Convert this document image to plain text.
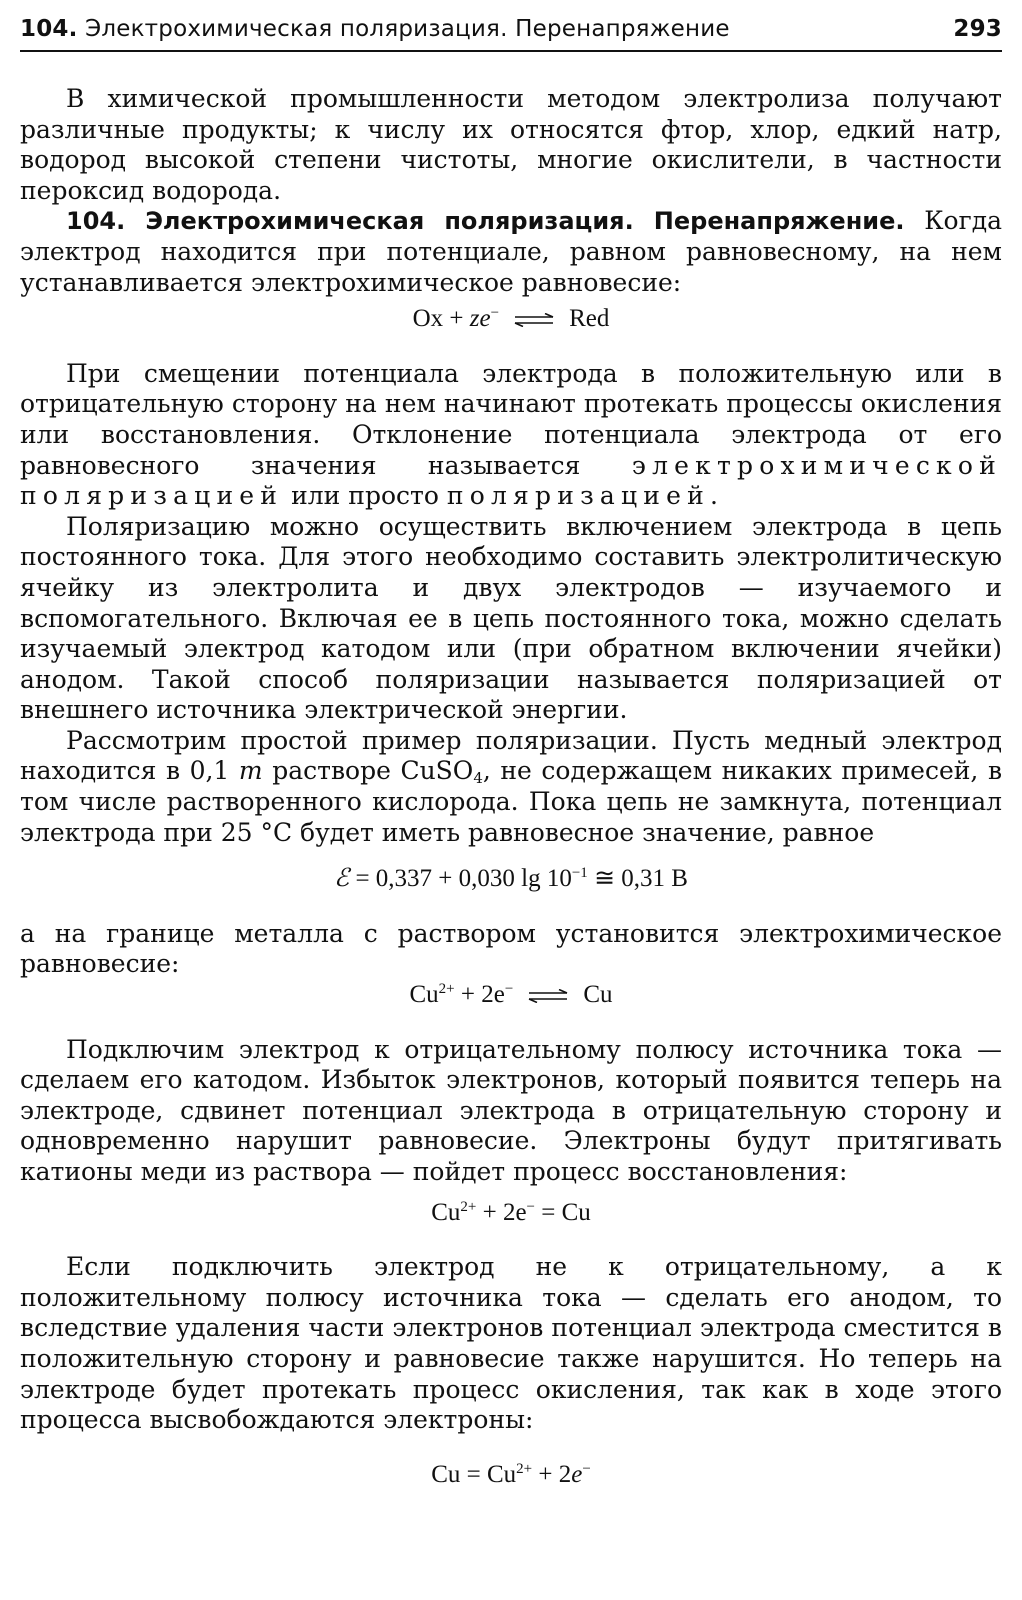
104. Электрохимическая поляризация. Перенапряжение	293

В химической промышленности методом электролиза получают различные продукты; к числу их относятся фтор, хлор, едкий натр, водород высокой степени чистоты, многие окислители, в частности пероксид водорода.

104. Электрохимическая поляризация. Перенапряжение. Когда электрод находится при потенциале, равном равновесному, на нем устанавливается электрохимическое равновесие:

Ox + ze− ⇌ Red

При смещении потенциала электрода в положительную или в отрицательную сторону на нем начинают протекать процессы окисления или восстановления. Отклонение потенциала электрода от его равновесного значения называется электрохимической поляризацией или просто поляризацией.

Поляризацию можно осуществить включением электрода в цепь постоянного тока. Для этого необходимо составить электролитическую ячейку из электролита и двух электродов — изучаемого и вспомогательного. Включая ее в цепь постоянного тока, можно сделать изучаемый электрод катодом или (при обратном включении ячейки) анодом. Такой способ поляризации называется поляризацией от внешнего источника электрической энергии.

Рассмотрим простой пример поляризации. Пусть медный электрод находится в 0,1 m растворе CuSO$_4$, не содержащем никаких примесей, в том числе растворенного кислорода. Пока цепь не замкнута, потенциал электрода при 25 °C будет иметь равновесное значение, равное

ℰ = 0,337 + 0,030 $\lg 10^{-1}$ ≅ 0,31 В

а на границе металла с раствором установится электрохимическое равновесие:

$Cu^{2+} + 2e^-$ ⇌ Cu

Подключим электрод к отрицательному полюсу источника тока — сделаем его катодом. Избыток электронов, который появится теперь на электроде, сдвинет потенциал электрода в отрицательную сторону и одновременно нарушит равновесие. Электроны будут притягивать катионы меди из раствора — пойдет процесс восстановления:

$Cu^{2+} + 2e^- = Cu$

Если подключить электрод не к отрицательному, а к положительному полюсу источника тока — сделать его анодом, то вследствие удаления части электронов потенциал электрода сместится в положительную сторону и равновесие также нарушится. Но теперь на электроде будет протекать процесс окисления, так как в ходе этого процесса высвобождаются электроны:

$Cu = Cu^{2+} + 2e^-$
